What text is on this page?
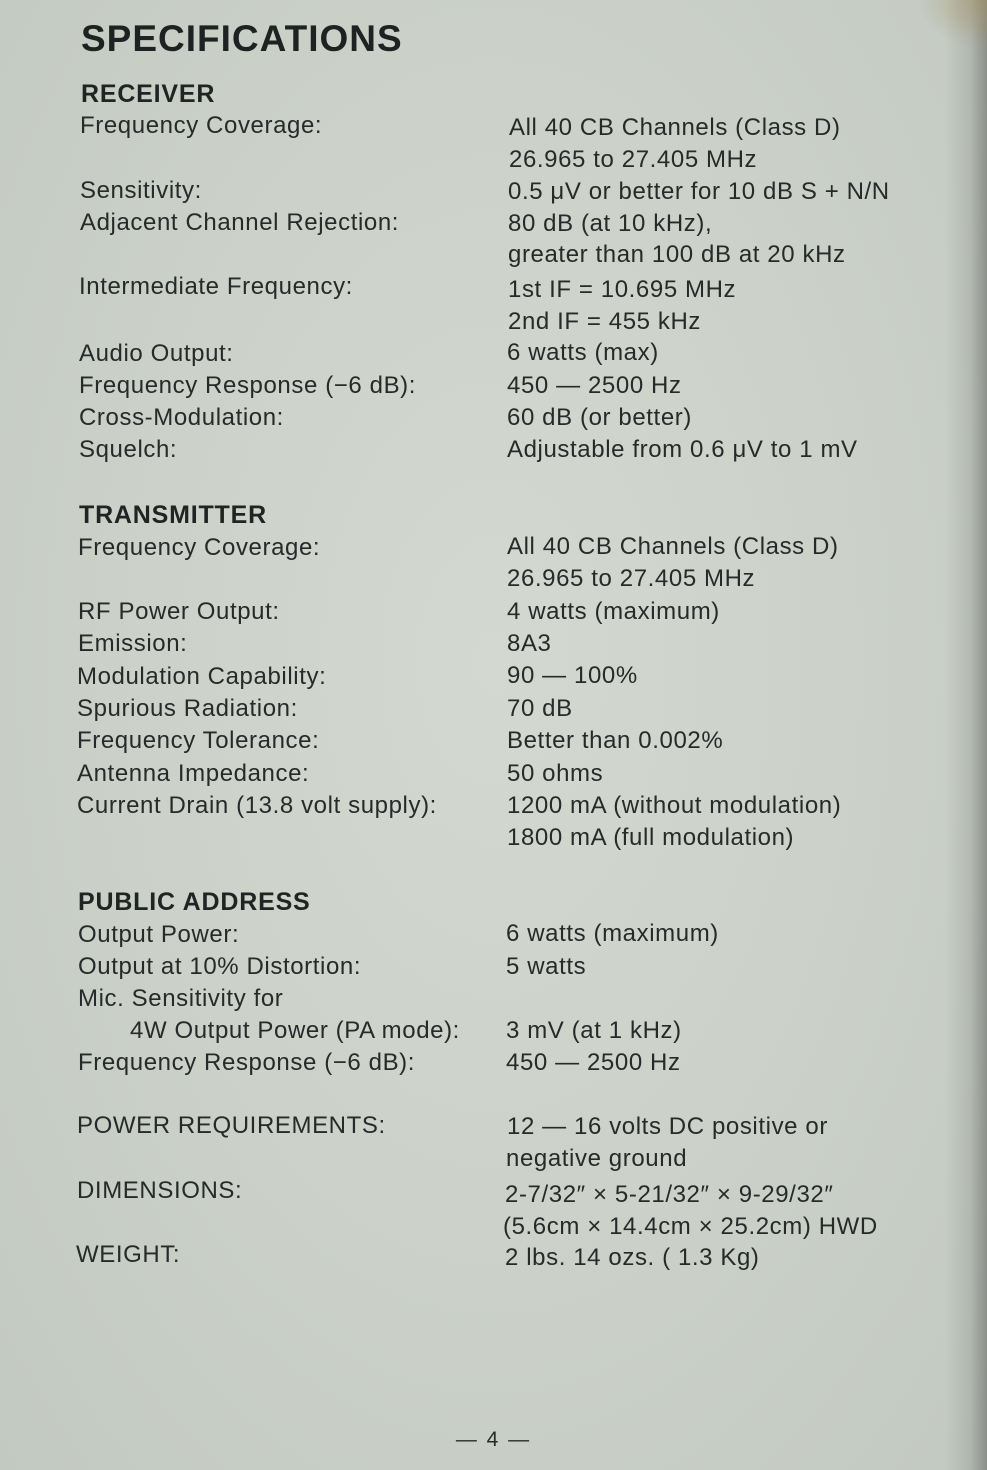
SPECIFICATIONS
RECEIVER
Frequency Coverage:	All 40 CB Channels (Class D)
26.965 to 27.405 MHz
Sensitivity:	0.5 μV or better for 10 dB S + N/N
Adjacent Channel Rejection:	80 dB (at 10 kHz),
greater than 100 dB at 20 kHz
Intermediate Frequency:	1st IF = 10.695 MHz
2nd IF = 455 kHz
Audio Output:	6 watts (max)
Frequency Response (−6 dB):	450 — 2500 Hz
Cross-Modulation:	60 dB (or better)
Squelch:	Adjustable from 0.6 μV to 1 mV
TRANSMITTER
Frequency Coverage:	All 40 CB Channels (Class D)
26.965 to 27.405 MHz
RF Power Output:	4 watts (maximum)
Emission:	8A3
Modulation Capability:	90 — 100%
Spurious Radiation:	70 dB
Frequency Tolerance:	Better than 0.002%
Antenna Impedance:	50 ohms
Current Drain (13.8 volt supply):	1200 mA (without modulation)
1800 mA (full modulation)
PUBLIC ADDRESS
Output Power:	6 watts (maximum)
Output at 10% Distortion:	5 watts
Mic. Sensitivity for
4W Output Power (PA mode): 3 mV (at 1 kHz)
Frequency Response (−6 dB):	450 — 2500 Hz
POWER REQUIREMENTS:	12 — 16 volts DC positive or
negative ground
DIMENSIONS:	2-7/32″ × 5-21/32″ × 9-29/32″
(5.6cm × 14.4cm × 25.2cm) HWD
WEIGHT:	2 lbs. 14 ozs. ( 1.3 Kg)
— 4 —
